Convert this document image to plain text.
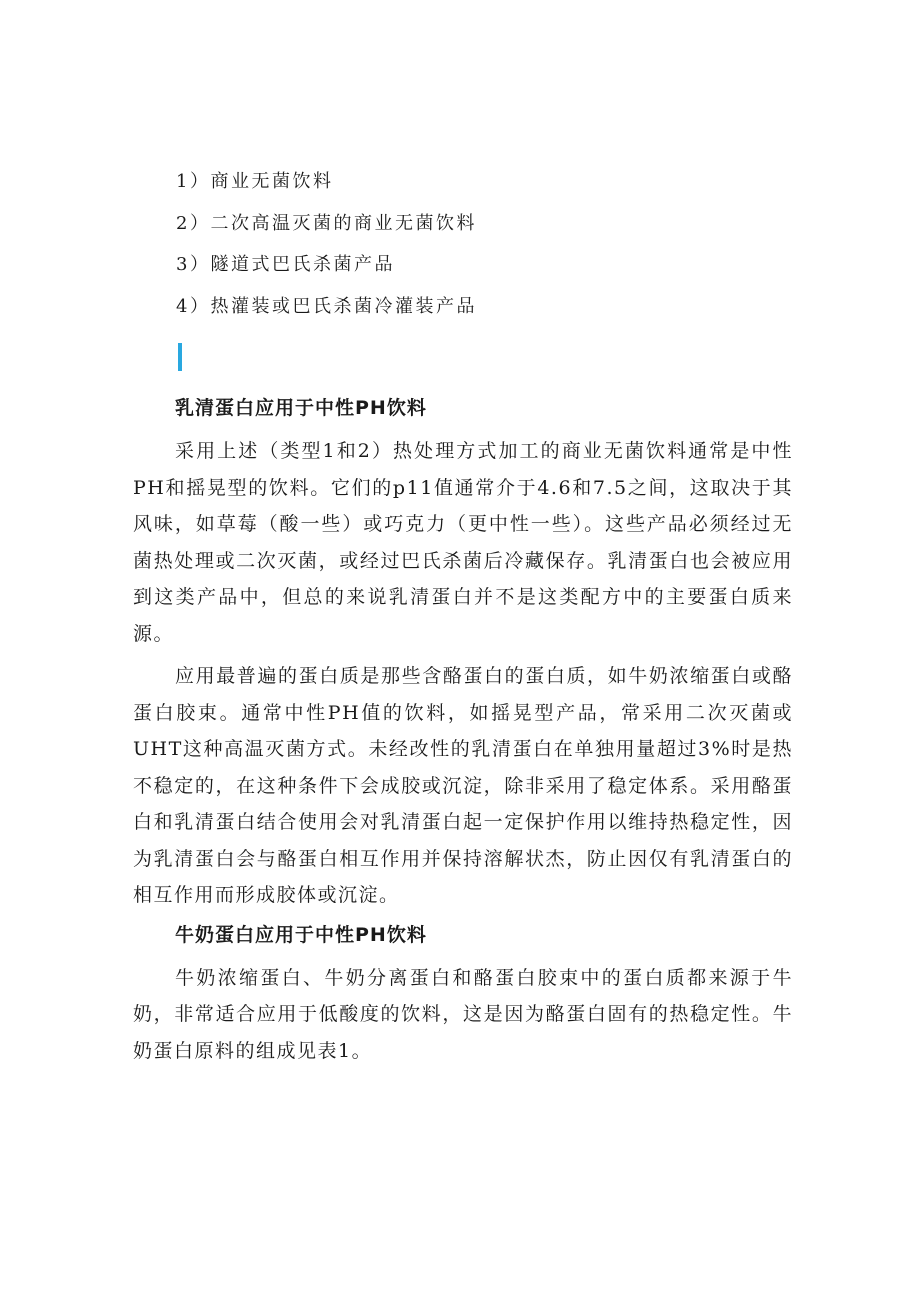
1）商业无菌饮料
2）二次高温灭菌的商业无菌饮料
3）隧道式巴氏杀菌产品
4）热灌装或巴氏杀菌冷灌装产品
乳清蛋白应用于中性PH饮料

采用上述（类型1和2）热处理方式加工的商业无菌饮料通常是中性PH和摇晃型的饮料。它们的p11值通常介于4.6和7.5之间，这取决于其风味，如草莓（酸一些）或巧克力（更中性一些）。这些产品必须经过无菌热处理或二次灭菌，或经过巴氏杀菌后冷藏保存。乳清蛋白也会被应用到这类产品中，但总的来说乳清蛋白并不是这类配方中的主要蛋白质来源。

应用最普遍的蛋白质是那些含酪蛋白的蛋白质，如牛奶浓缩蛋白或酪蛋白胶束。通常中性PH值的饮料，如摇晃型产品，常采用二次灭菌或UHT这种高温灭菌方式。未经改性的乳清蛋白在单独用量超过3%时是热不稳定的，在这种条件下会成胶或沉淀，除非采用了稳定体系。采用酪蛋白和乳清蛋白结合使用会对乳清蛋白起一定保护作用以维持热稳定性，因为乳清蛋白会与酪蛋白相互作用并保持溶解状杰，防止因仅有乳清蛋白的相互作用而形成胶体或沉淀。

牛奶蛋白应用于中性PH饮料

牛奶浓缩蛋白、牛奶分离蛋白和酪蛋白胶束中的蛋白质都来源于牛奶，非常适合应用于低酸度的饮料，这是因为酪蛋白固有的热稳定性。牛奶蛋白原料的组成见表1。
